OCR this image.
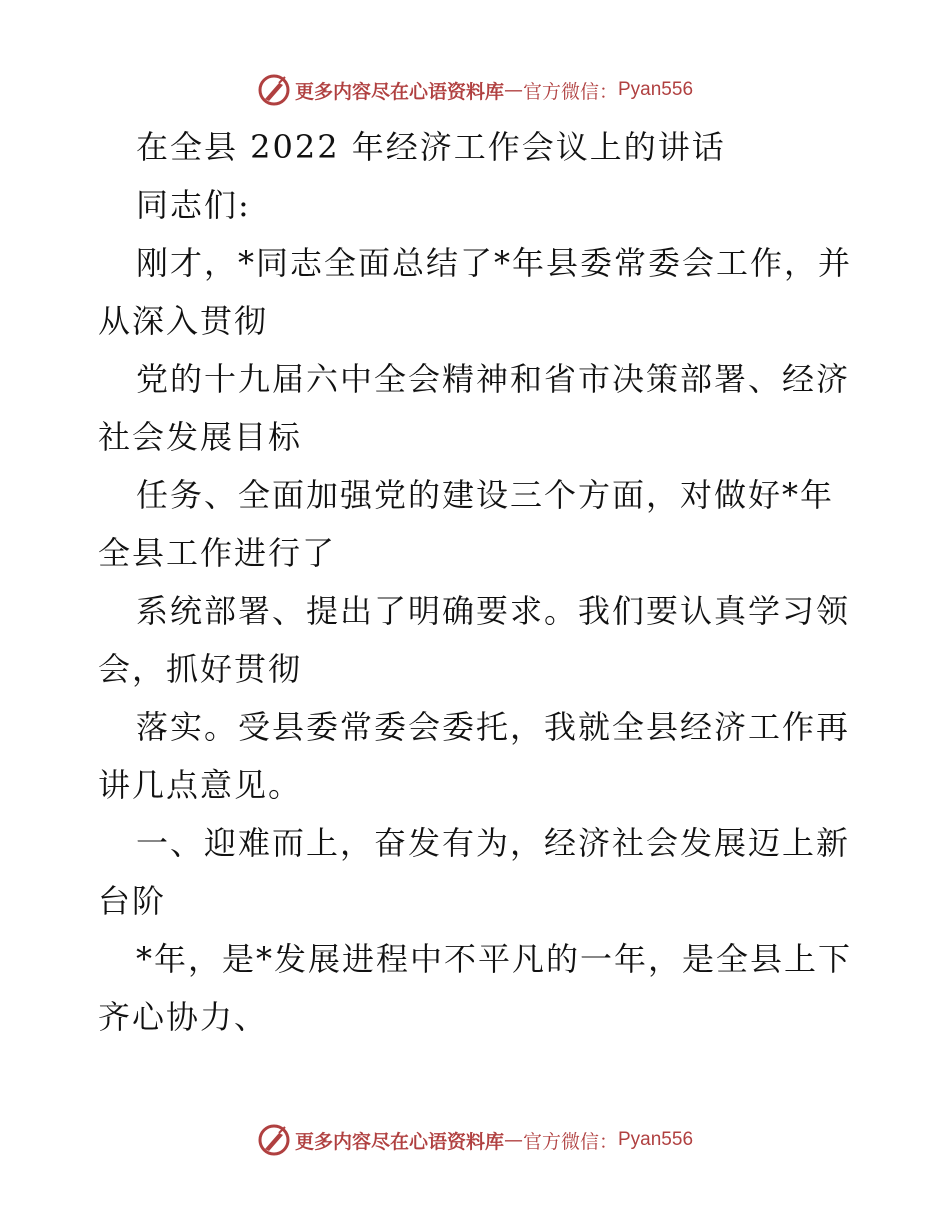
更多内容尽在心语资料库 — 官方微信： Pyan556
在全县 2022 年经济工作会议上的讲话
同志们:
刚才，*同志全面总结了*年县委常委会工作，并
从深入贯彻
党的十九届六中全会精神和省市决策部署、经济
社会发展目标
任务、全面加强党的建设三个方面，对做好*年
全县工作进行了
系统部署、提出了明确要求。我们要认真学习领
会，抓好贯彻
落实。受县委常委会委托，我就全县经济工作再
讲几点意见。
一、迎难而上，奋发有为，经济社会发展迈上新
台阶
*年，是*发展进程中不平凡的一年，是全县上下
齐心协力、
更多内容尽在心语资料库 — 官方微信： Pyan556
